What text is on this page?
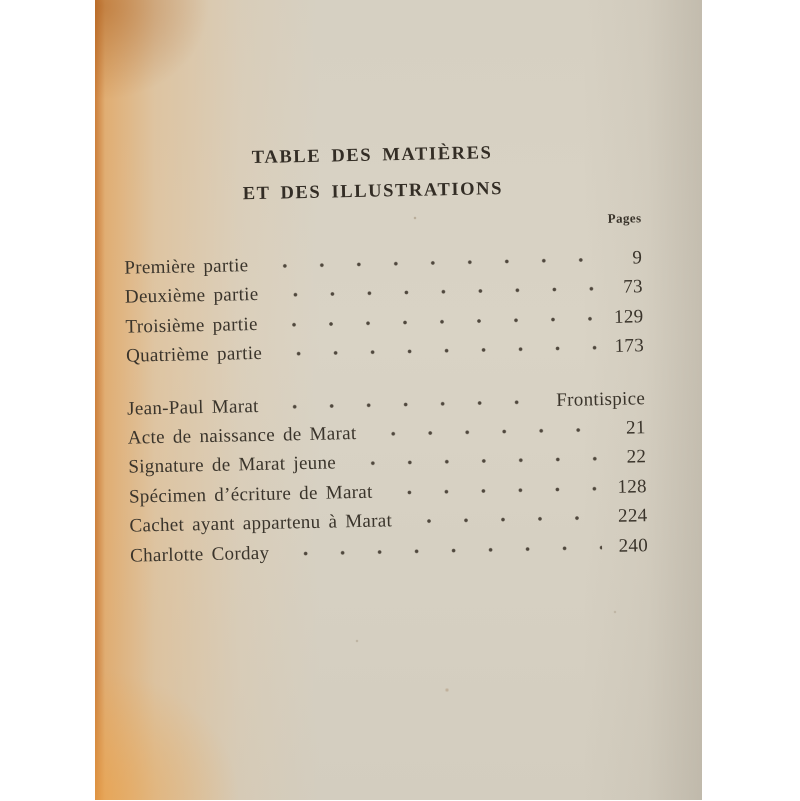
TABLE DES MATIÈRES
ET DES ILLUSTRATIONS
Pages
Première partie	9
Deuxième partie	73
Troisième partie	129
Quatrième partie	173
Jean-Paul Marat	Frontispice
Acte de naissance de Marat	21
Signature de Marat jeune	22
Spécimen d’écriture de Marat	128
Cachet ayant appartenu à Marat	224
Charlotte Corday	240
